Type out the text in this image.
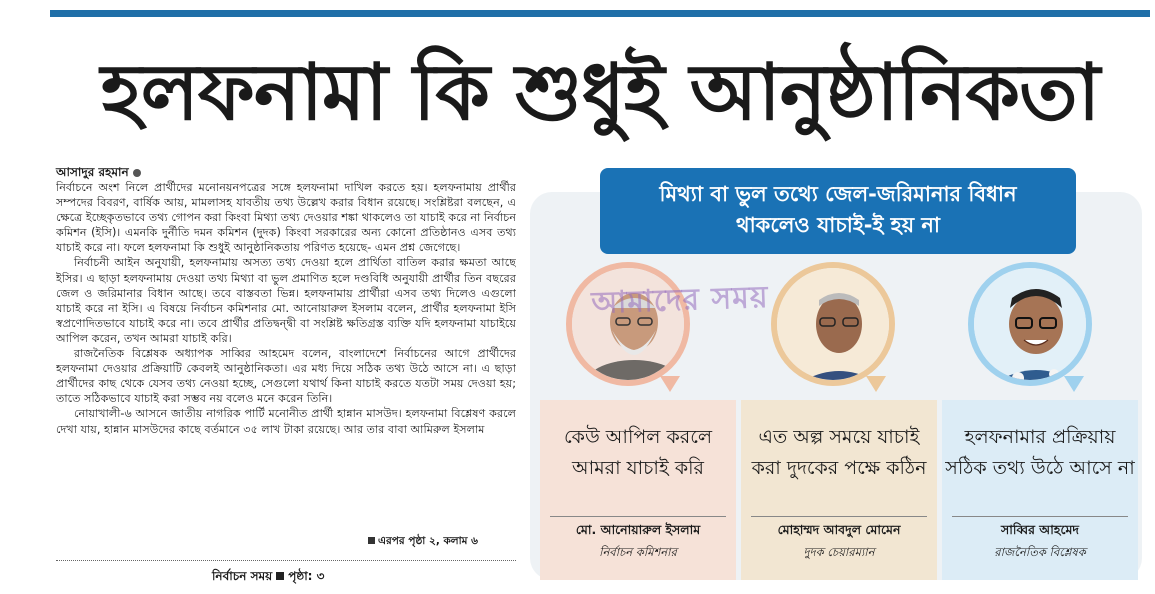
হলফনামা কি শুধুই আনুষ্ঠানিকতা
আসাদুর রহমান

নির্বাচনে অংশ নিলে প্রার্থীদের মনোনয়নপত্রের সঙ্গে হলফনামা দাখিল করতে হয়। হলফনামায় প্রার্থীর সম্পদের বিবরণ, বার্ষিক আয়, মামলাসহ যাবতীয় তথ্য উল্লেখ করার বিধান রয়েছে। সংশ্লিষ্টরা বলছেন, এ ক্ষেত্রে ইচ্ছেকৃতভাবে তথ্য গোপন করা কিংবা মিথ্যা তথ্য দেওয়ার শঙ্কা থাকলেও তা যাচাই করে না নির্বাচন কমিশন (ইসি)। এমনকি দুর্নীতি দমন কমিশন (দুদক) কিংবা সরকারের অন্য কোনো প্রতিষ্ঠানও এসব তথ্য যাচাই করে না। ফলে হলফনামা কি শুধুই আনুষ্ঠানিকতায় পরিণত হয়েছে- এমন প্রশ্ন জেগেছে।

নির্বাচনী আইন অনুযায়ী, হলফনামায় অসত্য তথ্য দেওয়া হলে প্রার্থিতা বাতিল করার ক্ষমতা আছে ইসির। এ ছাড়া হলফনামায় দেওয়া তথ্য মিথ্যা বা ভুল প্রমাণিত হলে দণ্ডবিধি অনুযায়ী প্রার্থীর তিন বছরের জেল ও জরিমানার বিধান আছে। তবে বাস্তবতা ভিন্ন। হলফনামায় প্রার্থীরা এসব তথ্য দিলেও এগুলো যাচাই করে না ইসি। এ বিষয়ে নির্বাচন কমিশনার মো. আনোয়ারুল ইসলাম বলেন, প্রার্থীর হলফনামা ইসি স্বপ্রণোদিতভাবে যাচাই করে না। তবে প্রার্থীর প্রতিদ্বন্দ্বী বা সংশ্লিষ্ট ক্ষতিগ্রস্ত ব্যক্তি যদি হলফনামা যাচাইয়ে আপিল করেন, তখন আমরা যাচাই করি।

রাজনৈতিক বিশ্লেষক অধ্যাপক সাব্বির আহমেদ বলেন, বাংলাদেশে নির্বাচনের আগে প্রার্থীদের হলফনামা দেওয়ার প্রক্রিয়াটি কেবলই আনুষ্ঠানিকতা। এর মধ্য দিয়ে সঠিক তথ্য উঠে আসে না। এ ছাড়া প্রার্থীদের কাছ থেকে যেসব তথ্য নেওয়া হচ্ছে, সেগুলো যথার্থ কিনা যাচাই করতে যতটা সময় দেওয়া হয়; তাতে সঠিকভাবে যাচাই করা সম্ভব নয় বলেও মনে করেন তিনি।

নোয়াখালী-৬ আসনে জাতীয় নাগরিক পার্টি মনোনীত প্রার্থী হান্নান মাসউদ। হলফনামা বিশ্লেষণ করলে দেখা যায়, হান্নান মাসউদের কাছে বর্তমানে ৩৫ লাখ টাকা রয়েছে। আর তার বাবা আমিরুল ইসলাম

এরপর পৃষ্ঠা ২, কলাম ৬
নির্বাচন সময় পৃষ্ঠা: ৩
কেউ আপিল করলে আমরা যাচাই করি
মো. আনোয়ারুল ইসলাম
নির্বাচন কমিশনার
এত অল্প সময়ে যাচাই করা দুদকের পক্ষে কঠিন
মোহাম্মদ আবদুল মোমেন
দুদক চেয়ারম্যান
হলফনামার প্রক্রিয়ায় সঠিক তথ্য উঠে আসে না
সাব্বির আহমেদ
রাজনৈতিক বিশ্লেষক
মিথ্যা বা ভুল তথ্যে জেল-জরিমানার বিধান
থাকলেও যাচাই-ই হয় না
আমাদের সময়
